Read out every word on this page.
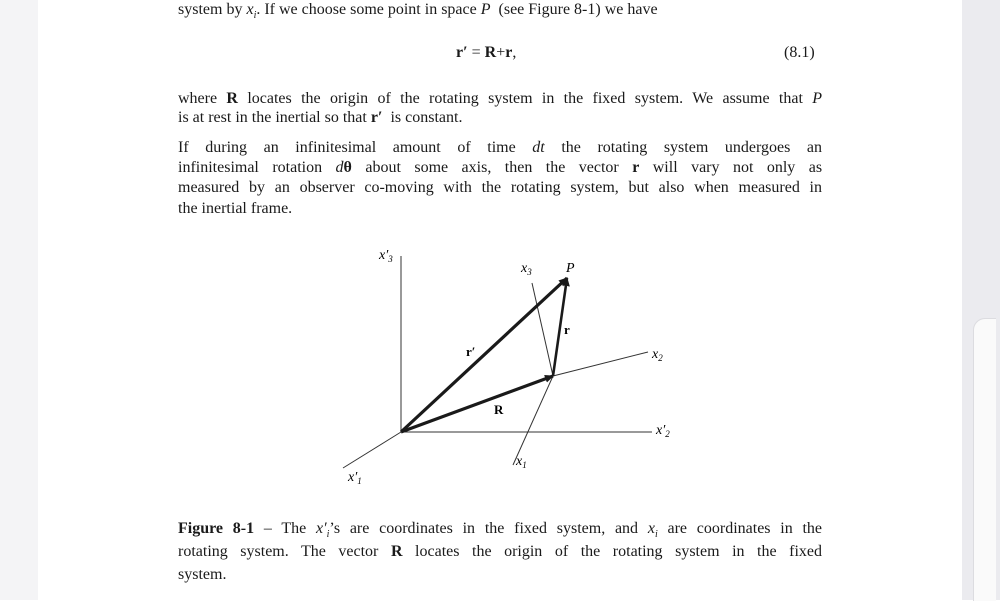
system by $x_i$. If we choose some point in space P (see Figure 8-1) we have
r′ = R+r,	(8.1)
where R locates the origin of the rotating system in the fixed system. We assume that P
is at rest in the inertial so that r′ is constant.
If during an infinitesimal amount of time dt the rotating system undergoes an
infinitesimal rotation dθ about some axis, then the vector r will vary not only as
measured by an observer co-moving with the rotating system, but also when measured in
the inertial frame.
Figure 8-1 – The $x'_i’s$ are coordinates in the fixed system, and $x_i$ are coordinates in the
rotating system. The vector R locates the origin of the rotating system in the fixed
system.
$x'_3$
$x_3$ P
r
r′	$x_2$
R
$x'_2$
$x_1$
$x'_1$
